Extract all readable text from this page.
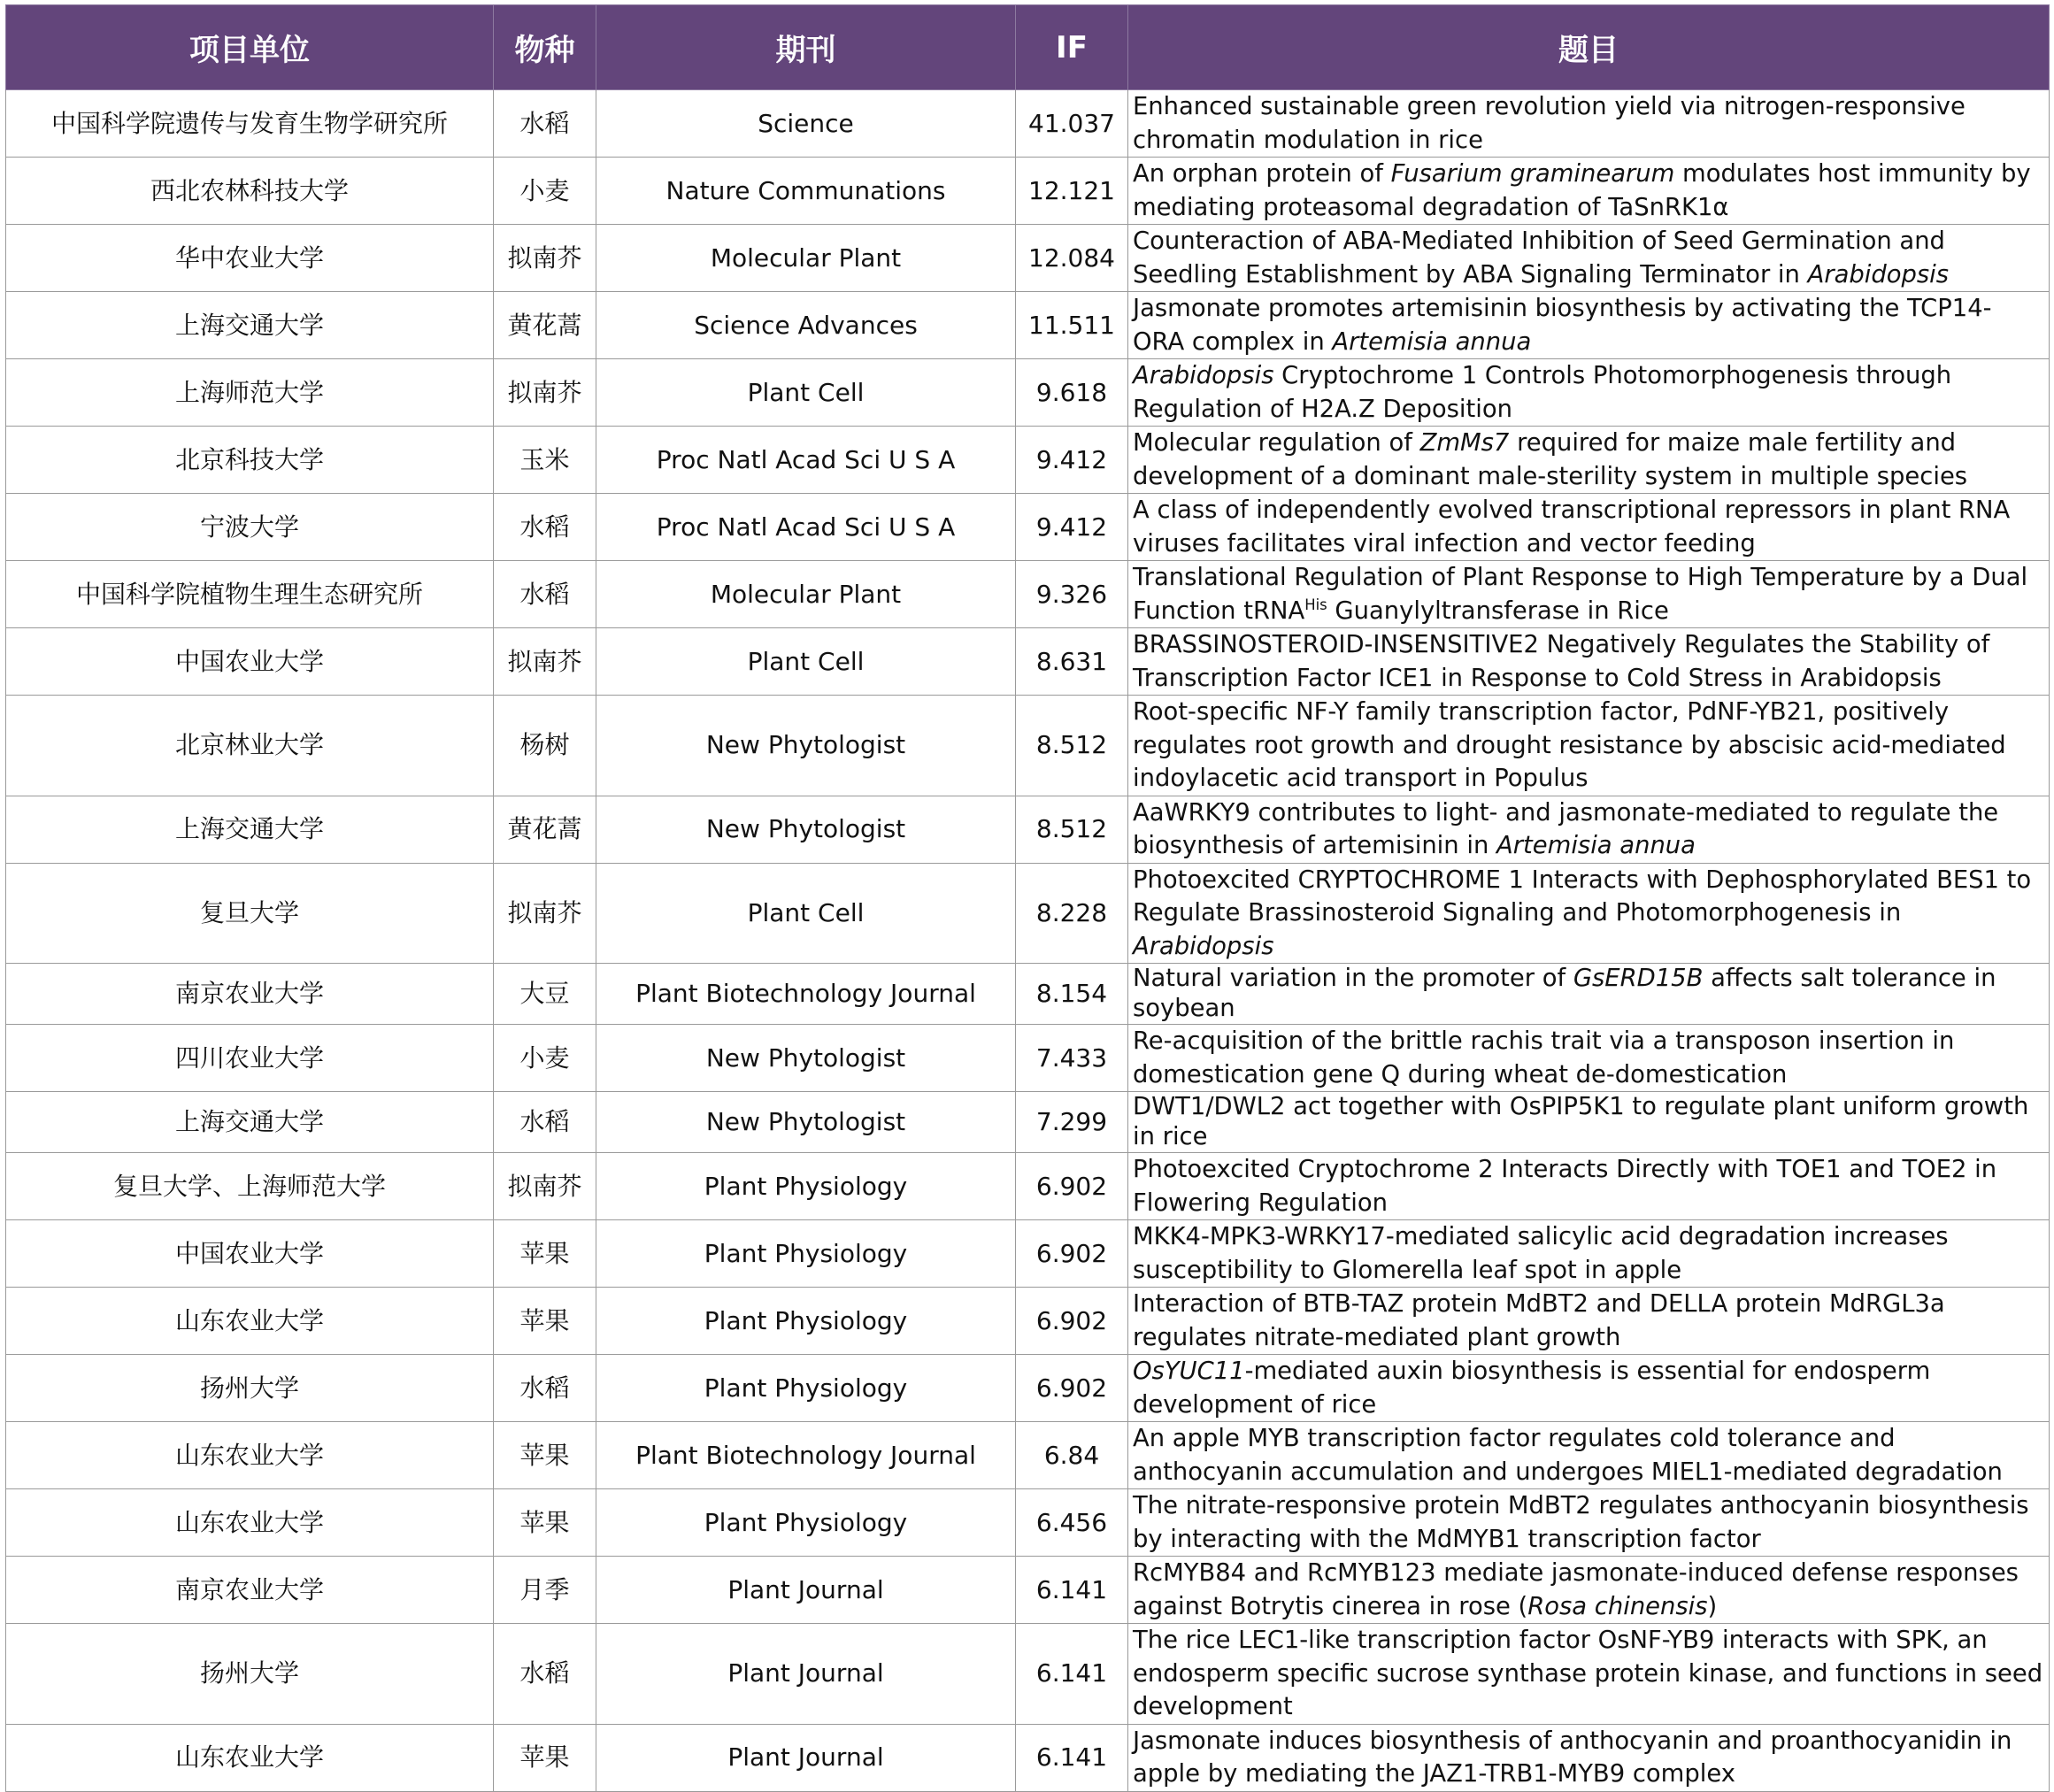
项目单位	物种	期刊	IF	题目
中国科学院遗传与发育生物学研究所	水稻	Science	41.037	Enhanced sustainable green revolution yield via nitrogen-responsive chromatin modulation in rice
西北农林科技大学	小麦	Nature Communations	12.121	An orphan protein of Fusarium graminearum modulates host immunity by mediating proteasomal degradation of TaSnRK1α
华中农业大学	拟南芥	Molecular Plant	12.084	Counteraction of ABA-Mediated Inhibition of Seed Germination and Seedling Establishment by ABA Signaling Terminator in Arabidopsis
上海交通大学	黄花蒿	Science Advances	11.511	Jasmonate promotes artemisinin biosynthesis by activating the TCP14-ORA complex in Artemisia annua
上海师范大学	拟南芥	Plant Cell	9.618	Arabidopsis Cryptochrome 1 Controls Photomorphogenesis through Regulation of H2A.Z Deposition
北京科技大学	玉米	Proc Natl Acad Sci U S A	9.412	Molecular regulation of ZmMs7 required for maize male fertility and development of a dominant male-sterility system in multiple species
宁波大学	水稻	Proc Natl Acad Sci U S A	9.412	A class of independently evolved transcriptional repressors in plant RNA viruses facilitates viral infection and vector feeding
中国科学院植物生理生态研究所	水稻	Molecular Plant	9.326	Translational Regulation of Plant Response to High Temperature by a Dual Function tRNA$^{His}$ Guanylyltransferase in Rice
中国农业大学	拟南芥	Plant Cell	8.631	BRASSINOSTEROID-INSENSITIVE2 Negatively Regulates the Stability of Transcription Factor ICE1 in Response to Cold Stress in Arabidopsis
北京林业大学	杨树	New Phytologist	8.512	Root-specific NF-Y family transcription factor, PdNF-YB21, positively regulates root growth and drought resistance by abscisic acid-mediated indoylacetic acid transport in Populus
上海交通大学	黄花蒿	New Phytologist	8.512	AaWRKY9 contributes to light- and jasmonate-mediated to regulate the biosynthesis of artemisinin in Artemisia annua
复旦大学	拟南芥	Plant Cell	8.228	Photoexcited CRYPTOCHROME 1 Interacts with Dephosphorylated BES1 to Regulate Brassinosteroid Signaling and Photomorphogenesis in Arabidopsis
南京农业大学	大豆	Plant Biotechnology Journal	8.154	Natural variation in the promoter of GsERD15B affects salt tolerance in soybean
四川农业大学	小麦	New Phytologist	7.433	Re-acquisition of the brittle rachis trait via a transposon insertion in domestication gene Q during wheat de-domestication
上海交通大学	水稻	New Phytologist	7.299	DWT1/DWL2 act together with OsPIP5K1 to regulate plant uniform growth in rice
复旦大学、上海师范大学	拟南芥	Plant Physiology	6.902	Photoexcited Cryptochrome 2 Interacts Directly with TOE1 and TOE2 in Flowering Regulation
中国农业大学	苹果	Plant Physiology	6.902	MKK4-MPK3-WRKY17-mediated salicylic acid degradation increases susceptibility to Glomerella leaf spot in apple
山东农业大学	苹果	Plant Physiology	6.902	Interaction of BTB-TAZ protein MdBT2 and DELLA protein MdRGL3a regulates nitrate-mediated plant growth
扬州大学	水稻	Plant Physiology	6.902	OsYUC11-mediated auxin biosynthesis is essential for endosperm development of rice
山东农业大学	苹果	Plant Biotechnology Journal	6.84	An apple MYB transcription factor regulates cold tolerance and anthocyanin accumulation and undergoes MIEL1-mediated degradation
山东农业大学	苹果	Plant Physiology	6.456	The nitrate-responsive protein MdBT2 regulates anthocyanin biosynthesis by interacting with the MdMYB1 transcription factor
南京农业大学	月季	Plant Journal	6.141	RcMYB84 and RcMYB123 mediate jasmonate-induced defense responses against Botrytis cinerea in rose (Rosa chinensis)
扬州大学	水稻	Plant Journal	6.141	The rice LEC1-like transcription factor OsNF-YB9 interacts with SPK, an endosperm specific sucrose synthase protein kinase, and functions in seed development
山东农业大学	苹果	Plant Journal	6.141	Jasmonate induces biosynthesis of anthocyanin and proanthocyanidin in apple by mediating the JAZ1-TRB1-MYB9 complex
